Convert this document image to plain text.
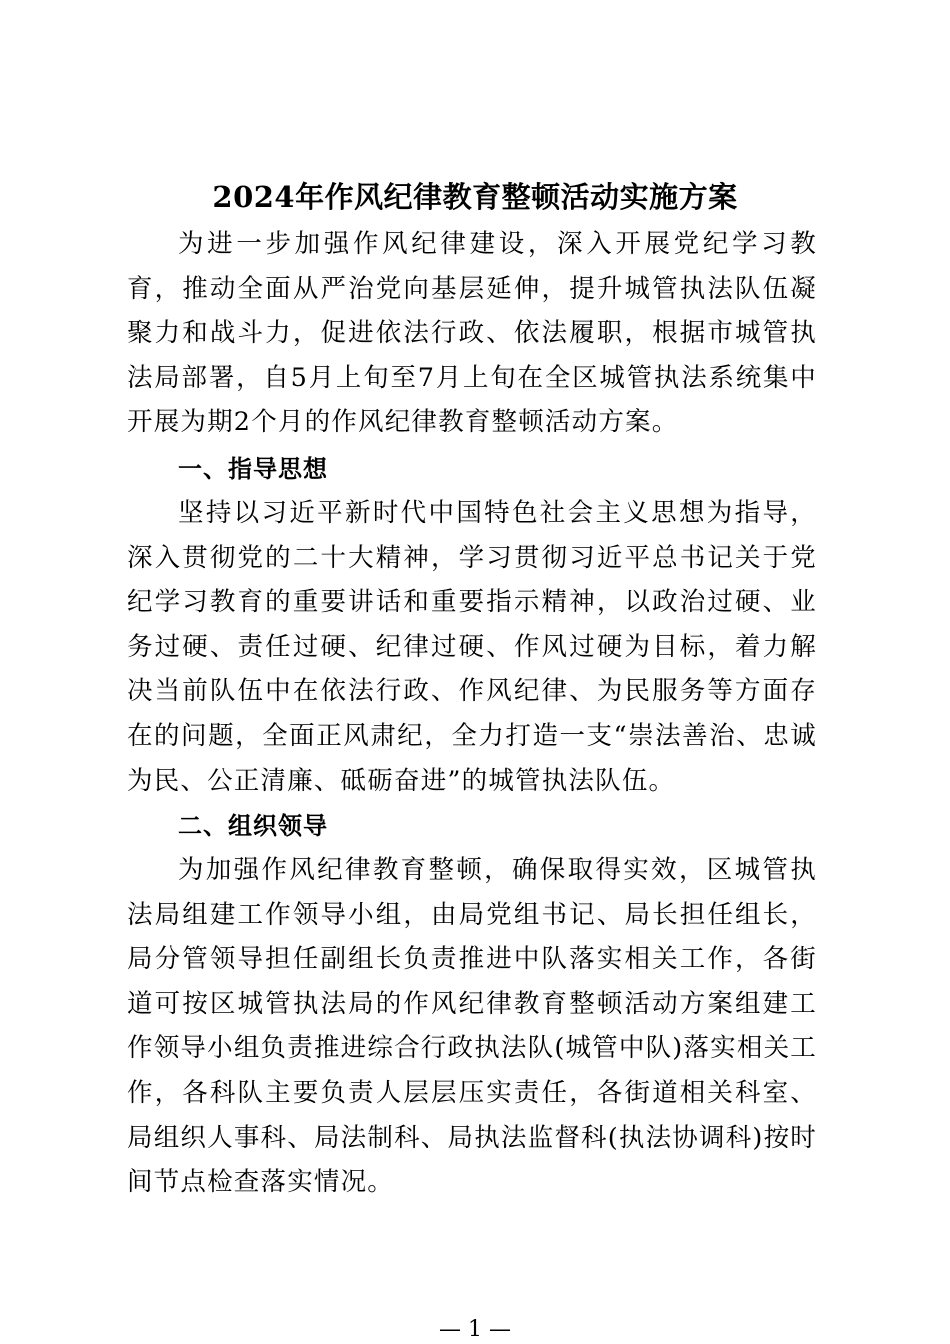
2024年作风纪律教育整顿活动实施方案

为进一步加强作风纪律建设，深入开展党纪学习教育，推动全面从严治党向基层延伸，提升城管执法队伍凝聚力和战斗力，促进依法行政、依法履职，根据市城管执法局部署，自5月上旬至7月上旬在全区城管执法系统集中开展为期2个月的作风纪律教育整顿活动方案。

一、指导思想

坚持以习近平新时代中国特色社会主义思想为指导，深入贯彻党的二十大精神，学习贯彻习近平总书记关于党纪学习教育的重要讲话和重要指示精神，以政治过硬、业务过硬、责任过硬、纪律过硬、作风过硬为目标，着力解决当前队伍中在依法行政、作风纪律、为民服务等方面存在的问题，全面正风肃纪，全力打造一支“崇法善治、忠诚为民、公正清廉、砥砺奋进”的城管执法队伍。

二、组织领导

为加强作风纪律教育整顿，确保取得实效，区城管执法局组建工作领导小组，由局党组书记、局长担任组长，局分管领导担任副组长负责推进中队落实相关工作，各街道可按区城管执法局的作风纪律教育整顿活动方案组建工作领导小组负责推进综合行政执法队(城管中队)落实相关工作，各科队主要负责人层层压实责任，各街道相关科室、局组织人事科、局法制科、局执法监督科(执法协调科)按时间节点检查落实情况。

— 1 —
